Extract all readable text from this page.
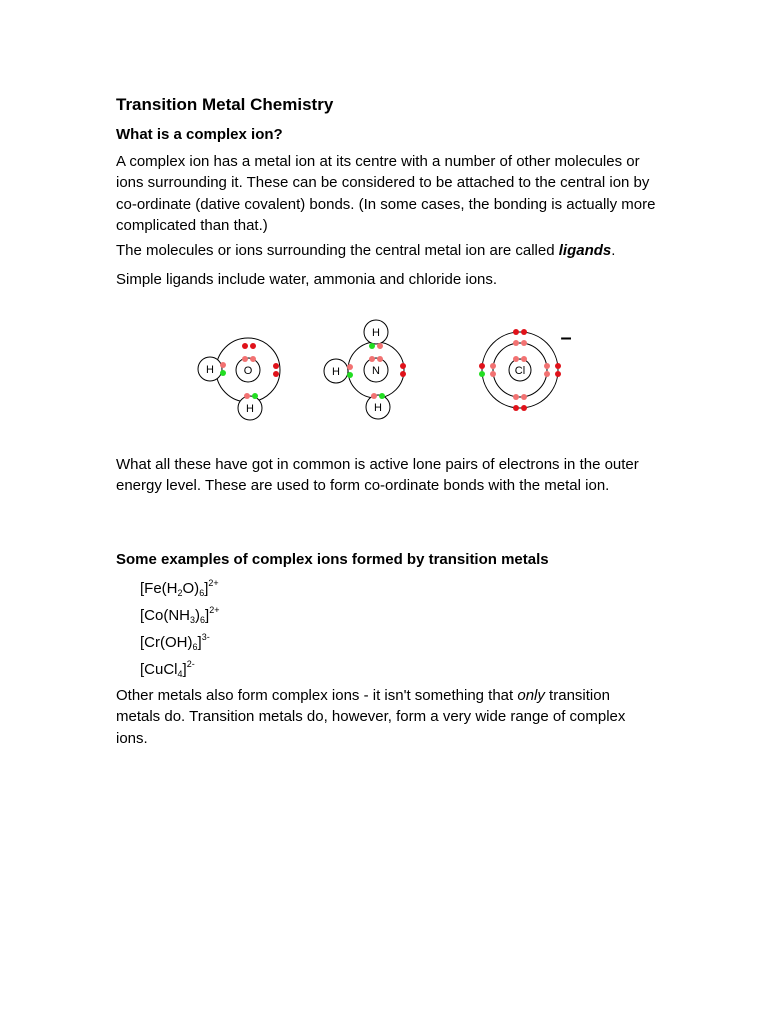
Transition Metal Chemistry
What is a complex ion?

A complex ion has a metal ion at its centre with a number of other molecules or ions surrounding it. These can be considered to be attached to the central ion by co-ordinate (dative covalent) bonds. (In some cases, the bonding is actually more complicated than that.)

The molecules or ions surrounding the central metal ion are called ligands.

Simple ligands include water, ammonia and chloride ions.

O
H
H
N
H
H
H
Cl
–

What all these have got in common is active lone pairs of electrons in the outer energy level. These are used to form co-ordinate bonds with the metal ion.

Some examples of complex ions formed by transition metals

$[Fe(H_2O)_6]^{2+}$

$[Co(NH_3)_6]^{2+}$

$[Cr(OH)_6]^{3-}$

[CuCl$_4$]$^{2-}$

Other metals also form complex ions - it isn't something that only transition metals do. Transition metals do, however, form a very wide range of complex ions.
